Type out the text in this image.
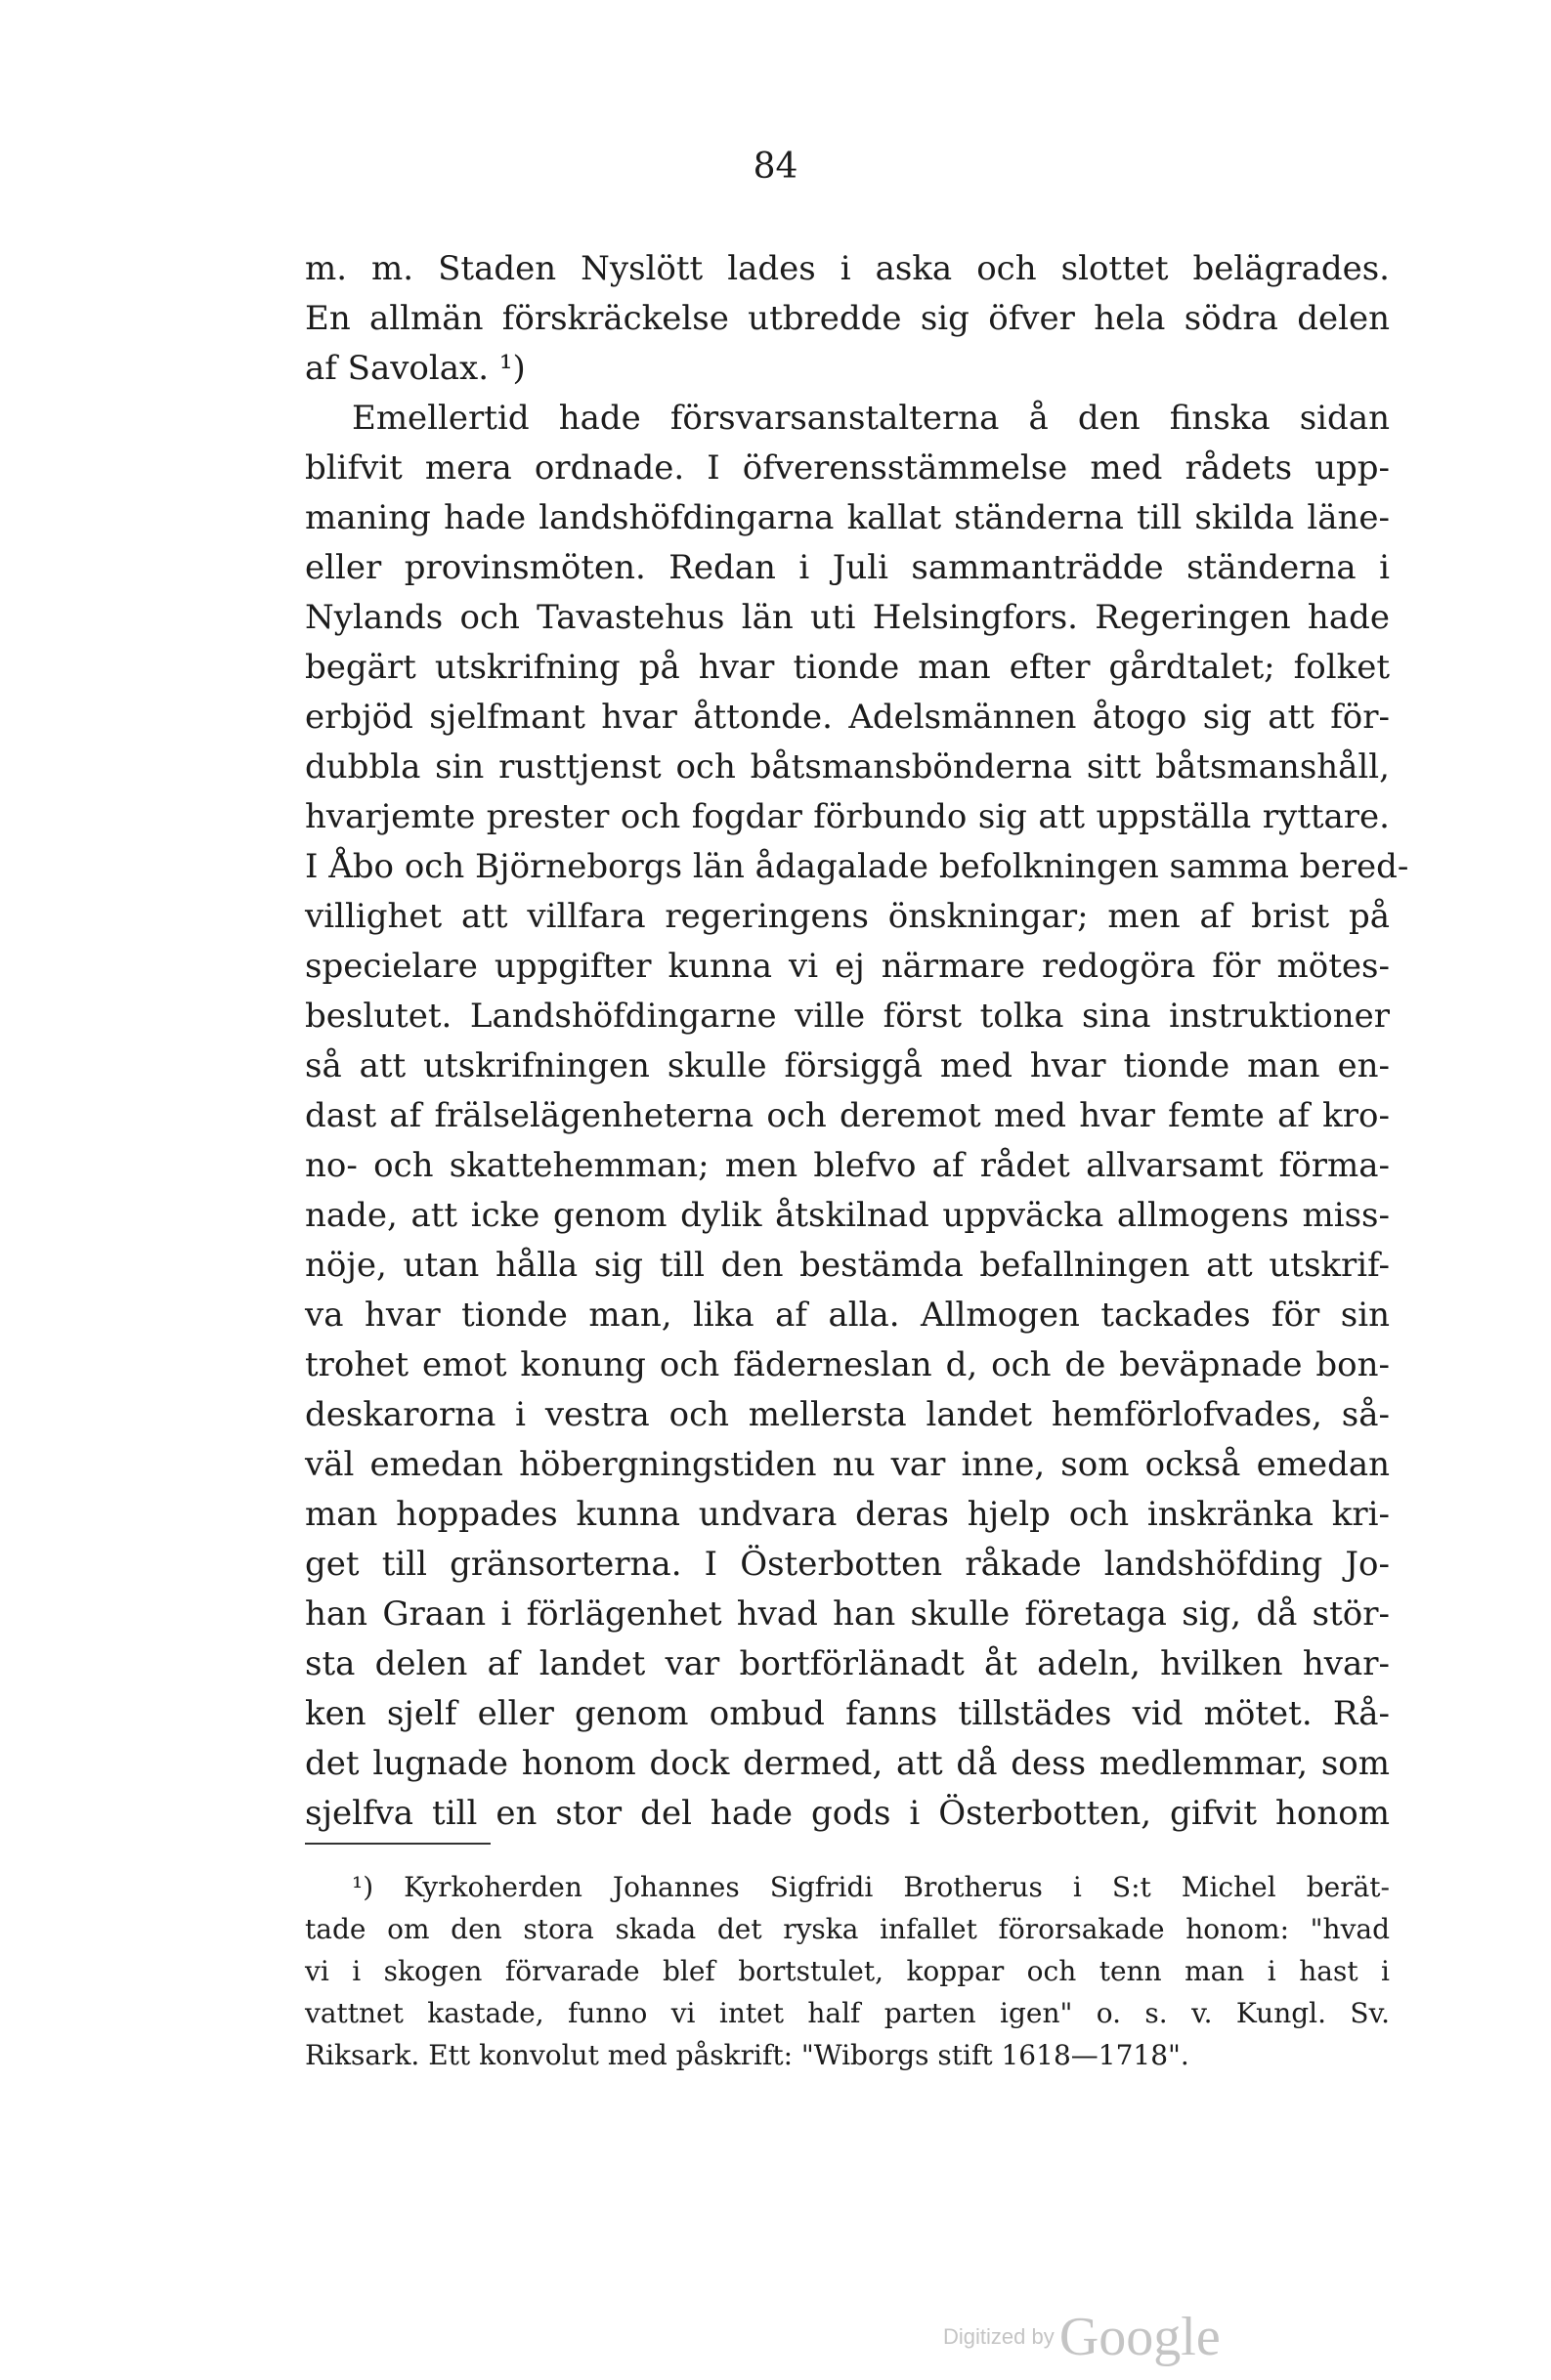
84
m. m. Staden Nyslött lades i aska och slottet belägrades.
En allmän förskräckelse utbredde sig öfver hela södra delen
af Savolax. ¹)
Emellertid hade försvarsanstalterna å den finska sidan
blifvit mera ordnade. I öfverensstämmelse med rådets upp-
maning hade landshöfdingarna kallat ständerna till skilda läne-
eller provinsmöten. Redan i Juli sammanträdde ständerna i
Nylands och Tavastehus län uti Helsingfors. Regeringen hade
begärt utskrifning på hvar tionde man efter gårdtalet; folket
erbjöd sjelfmant hvar åttonde. Adelsmännen åtogo sig att för-
dubbla sin rusttjenst och båtsmansbönderna sitt båtsmanshåll,
hvarjemte prester och fogdar förbundo sig att uppställa ryttare.
I Åbo och Björneborgs län ådagalade befolkningen samma bered-
villighet att villfara regeringens önskningar; men af brist på
specielare uppgifter kunna vi ej närmare redogöra för mötes-
beslutet. Landshöfdingarne ville först tolka sina instruktioner
så att utskrifningen skulle försiggå med hvar tionde man en-
dast af frälselägenheterna och deremot med hvar femte af kro-
no- och skattehemman; men blefvo af rådet allvarsamt förma-
nade, att icke genom dylik åtskilnad uppväcka allmogens miss-
nöje, utan hålla sig till den bestämda befallningen att utskrif-
va hvar tionde man, lika af alla. Allmogen tackades för sin
trohet emot konung och fäderneslan d, och de beväpnade bon-
deskarorna i vestra och mellersta landet hemförlofvades, så-
väl emedan höbergningstiden nu var inne, som också emedan
man hoppades kunna undvara deras hjelp och inskränka kri-
get till gränsorterna. I Österbotten råkade landshöfding Jo-
han Graan i förlägenhet hvad han skulle företaga sig, då stör-
sta delen af landet var bortförlänadt åt adeln, hvilken hvar-
ken sjelf eller genom ombud fanns tillstädes vid mötet. Rå-
det lugnade honom dock dermed, att då dess medlemmar, som
sjelfva till en stor del hade gods i Österbotten, gifvit honom
¹) Kyrkoherden Johannes Sigfridi Brotherus i S:t Michel berät-
tade om den stora skada det ryska infallet förorsakade honom: "hvad
vi i skogen förvarade blef bortstulet, koppar och tenn man i hast i
vattnet kastade, funno vi intet half parten igen" o. s. v. Kungl. Sv.
Riksark. Ett konvolut med påskrift: "Wiborgs stift 1618—1718".
Digitized by Google
